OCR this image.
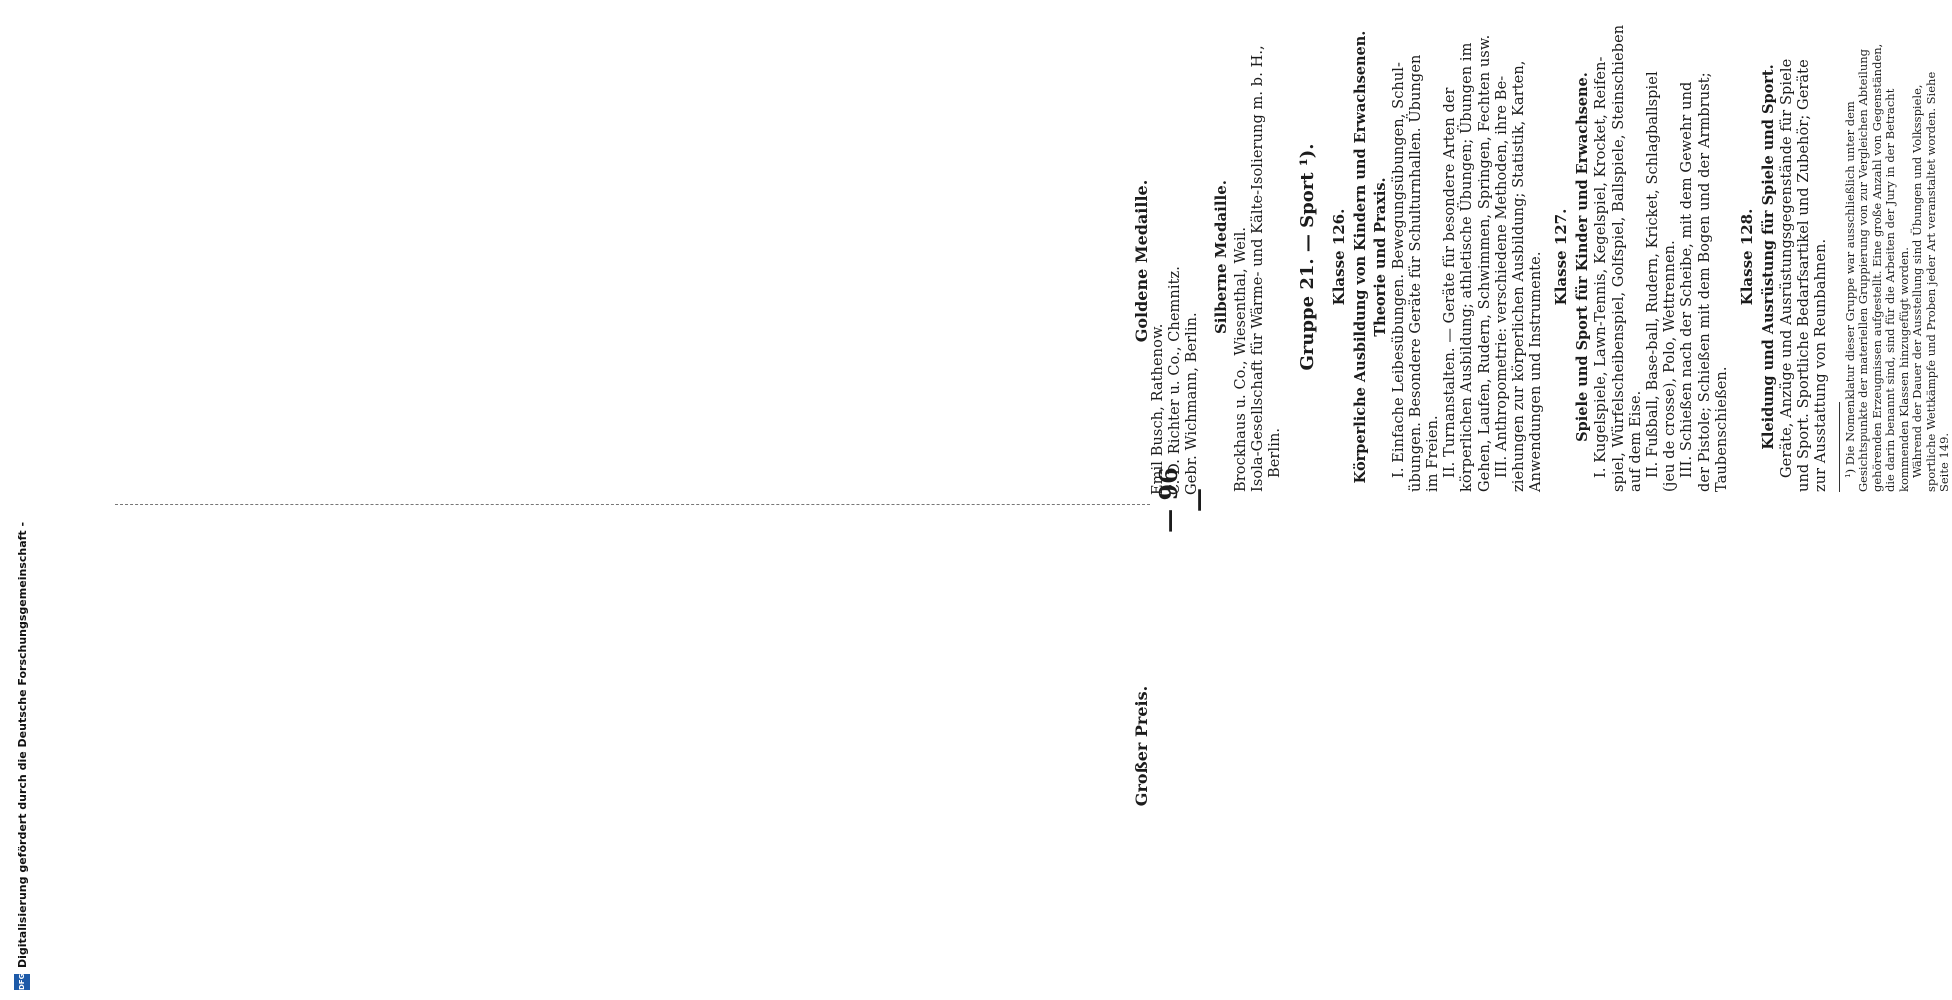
DFG
Digitalisierung gefördert durch die Deutsche Forschungsgemeinschaft -
— 96 —
Goldene Medaille.
Emil Busch, Rathenow. C. D. Richter u. Co., Chemnitz. Gebr. Wichmann, Berlin.
Silberne Medaille. Brockhaus u. Co., Wiesenthal, Weil. Isola-Gesellschaft für Wärme- und Kälte-Isolierung m. b. H., Berlin.
Gruppe 21. — Sport ¹). Klasse 126. Körperliche Ausbildung von Kindern und Erwachsenen. Theorie und Praxis. I. Einfache Leibesübungen. Bewegungsübungen, Schul- übungen. Besondere Geräte für Schulturnhallen. Übungen im Freien. II. Turnanstalten. — Geräte für besondere Arten der körperlichen Ausbildung; athletische Übungen; Übungen im Gehen, Laufen, Rudern, Schwimmen, Springen, Fechten usw. III. Anthropometrie: verschiedene Methoden, ihre Be- ziehungen zur körperlichen Ausbildung; Statistik, Karten, Anwendungen und Instrumente. Klasse 127. Spiele und Sport für Kinder und Erwachsene. I. Kugelspiele, Lawn-Tennis, Kegelspiel, Krocket, Reifen- spiel, Würfelscheibenspiel, Golfspiel, Ballspiele, Steinschieben auf dem Eise. II. Fußball, Base-ball, Rudern, Kricket, Schlagballspiel (jeu de crosse), Polo, Wettrennen. III. Schießen nach der Scheibe, mit dem Gewehr und der Pistole; Schießen mit dem Bogen und der Armbrust; Taubenschießen.
Klasse 128. Kleidung und Ausrüstung für Spiele und Sport. Geräte, Anzüge und Ausrüstungsgegenstände für Spiele und Sport. Sportliche Bedarfsartikel und Zubehör; Geräte zur Ausstattung von Reunbahnen. ¹) Die Nomenklatur dieser Gruppe war ausschließlich unter dem Gesichtspunkte der materiellen Gruppierung von zur Vergleichen Abteilung gehörenden Erzeugnissen aufgestellt. Eine große Anzahl von Gegenständen, die darin benannt sind, sind für die Arbeiten der Jury in der Betracht kommenden Klassen hinzugefügt worden. Während der Dauer der Ausstellung sind Übungen und Volksspiele, sportliche Wettkämpfe und Proben jeder Art veranstaltet worden. Siehe Seite 149.
Großer Preis.
